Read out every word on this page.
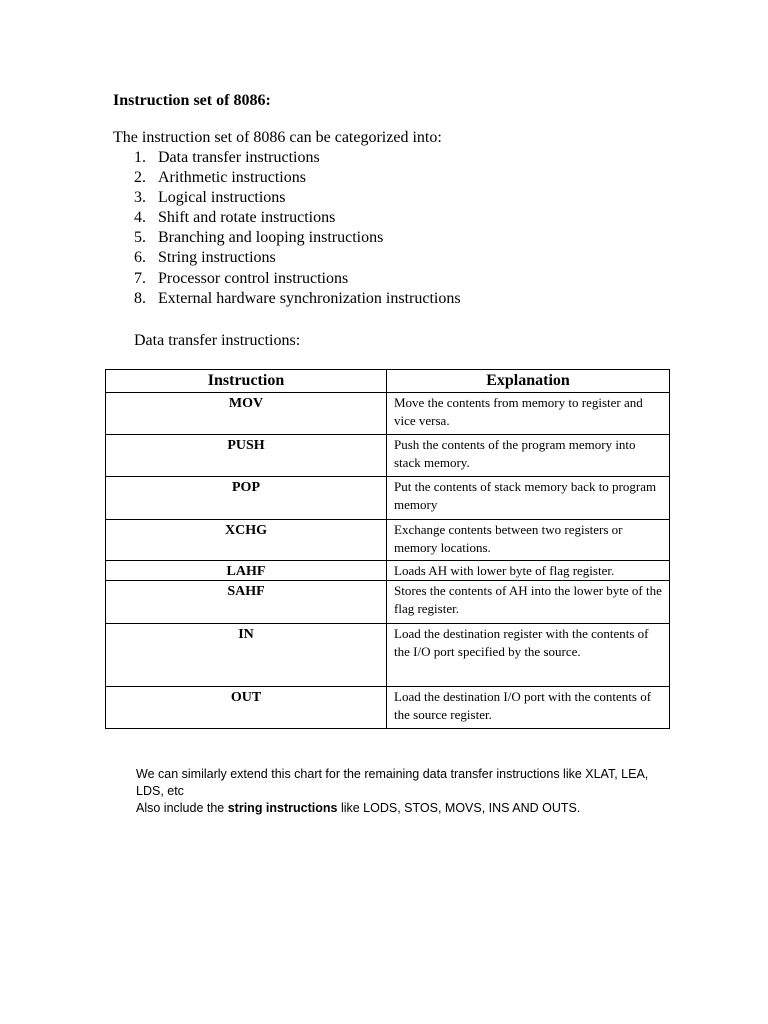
Instruction set of 8086:
The instruction set of 8086 can be categorized into:
1. Data transfer instructions
2. Arithmetic instructions
3. Logical instructions
4. Shift and rotate instructions
5. Branching and looping instructions
6. String instructions
7. Processor control instructions
8. External hardware synchronization instructions
Data transfer instructions:
Instruction	Explanation
MOV	Move the contents from memory to register and vice versa.
PUSH	Push the contents of the program memory into stack memory.
POP	Put the contents of stack memory back to program memory
XCHG	Exchange contents between two registers or memory locations.
LAHF	Loads AH with lower byte of flag register.
SAHF	Stores the contents of AH into the lower byte of the flag register.
IN	Load the destination register with the contents of the I/O port specified by the source.
OUT	Load the destination I/O port with the contents of the source register.

We can similarly extend this chart for the remaining data transfer instructions like XLAT, LEA, LDS, etc

Also include the string instructions like LODS, STOS, MOVS, INS AND OUTS.
